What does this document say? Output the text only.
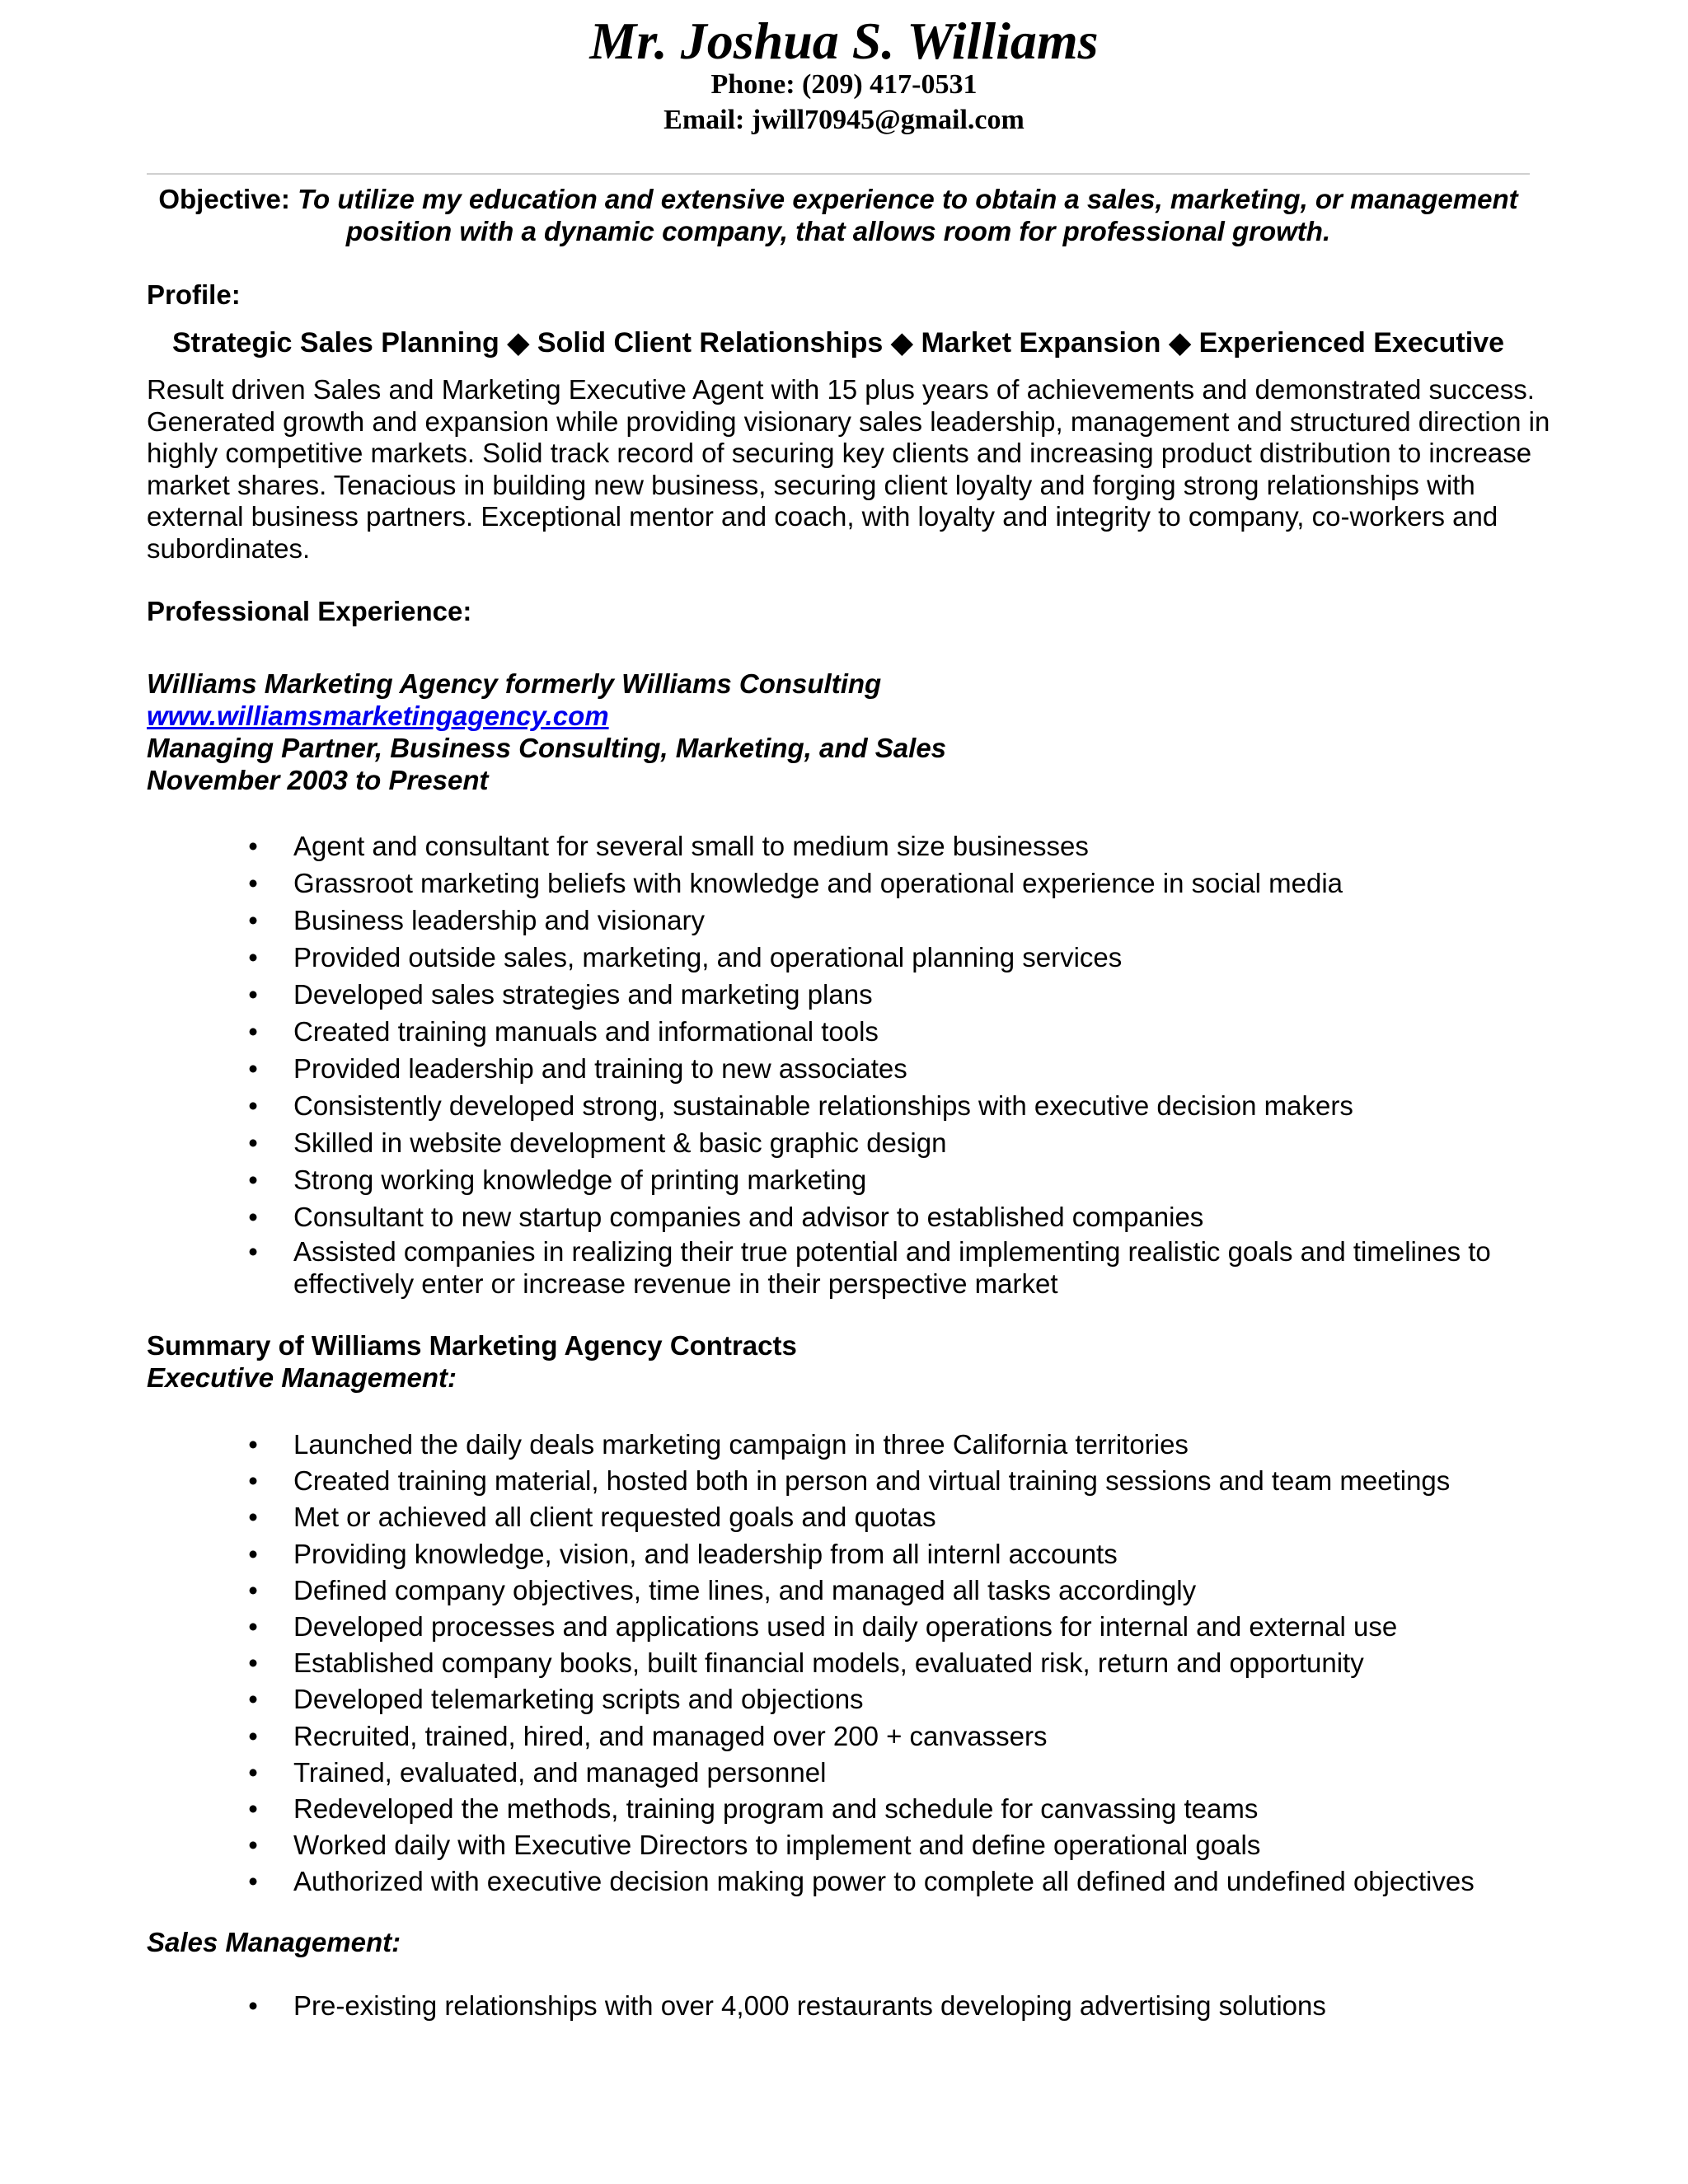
Mr. Joshua S. Williams
Phone: (209) 417-0531
Email: jwill70945@gmail.com
Objective: To utilize my education and extensive experience to obtain a sales, marketing, or management position with a dynamic company, that allows room for professional growth.
Profile:
Strategic Sales Planning ◆ Solid Client Relationships ◆ Market Expansion ◆ Experienced Executive
Result driven Sales and Marketing Executive Agent with 15 plus years of achievements and demonstrated success.
Generated growth and expansion while providing visionary sales leadership, management and structured direction in
highly competitive markets. Solid track record of securing key clients and increasing product distribution to increase
market shares. Tenacious in building new business, securing client loyalty and forging strong relationships with
external business partners. Exceptional mentor and coach, with loyalty and integrity to company, co-workers and
subordinates.
Professional Experience:
Williams Marketing Agency formerly Williams Consulting
www.williamsmarketingagency.com
Managing Partner, Business Consulting, Marketing, and Sales
November 2003 to Present
• Agent and consultant for several small to medium size businesses
• Grassroot marketing beliefs with knowledge and operational experience in social media
• Business leadership and visionary
• Provided outside sales, marketing, and operational planning services
• Developed sales strategies and marketing plans
• Created training manuals and informational tools
• Provided leadership and training to new associates
• Consistently developed strong, sustainable relationships with executive decision makers
• Skilled in website development & basic graphic design
• Strong working knowledge of printing marketing
• Consultant to new startup companies and advisor to established companies
• Assisted companies in realizing their true potential and implementing realistic goals and timelines to effectively enter or increase revenue in their perspective market
Summary of Williams Marketing Agency Contracts
Executive Management:
• Launched the daily deals marketing campaign in three California territories
• Created training material, hosted both in person and virtual training sessions and team meetings
• Met or achieved all client requested goals and quotas
• Providing knowledge, vision, and leadership from all internl accounts
• Defined company objectives, time lines, and managed all tasks accordingly
• Developed processes and applications used in daily operations for internal and external use
• Established company books, built financial models, evaluated risk, return and opportunity
• Developed telemarketing scripts and objections
• Recruited, trained, hired, and managed over 200 + canvassers
• Trained, evaluated, and managed personnel
• Redeveloped the methods, training program and schedule for canvassing teams
• Worked daily with Executive Directors to implement and define operational goals
• Authorized with executive decision making power to complete all defined and undefined objectives
Sales Management:
• Pre-existing relationships with over 4,000 restaurants developing advertising solutions
